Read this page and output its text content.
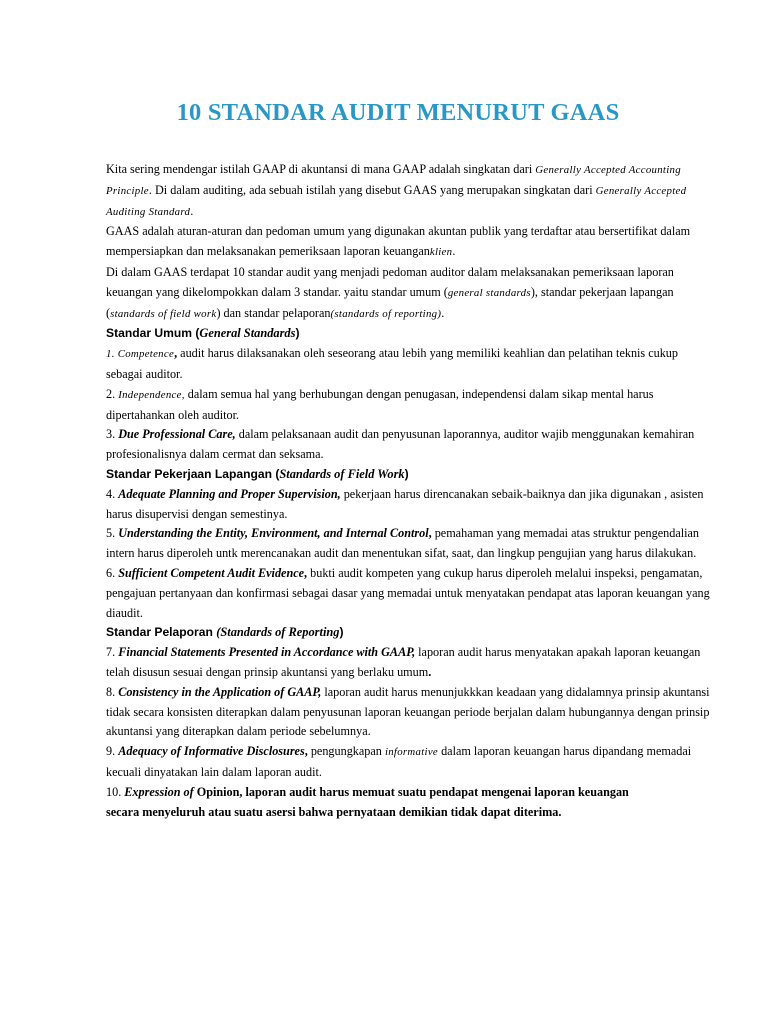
10 STANDAR AUDIT MENURUT GAAS

Kita sering mendengar istilah GAAP di akuntansi di mana GAAP adalah singkatan dari Generally Accepted Accounting Principle. Di dalam auditing, ada sebuah istilah yang disebut GAAS yang merupakan singkatan dari Generally Accepted Auditing Standard.

GAAS adalah aturan-aturan dan pedoman umum yang digunakan akuntan publik yang terdaftar atau bersertifikat dalam mempersiapkan dan melaksanakan pemeriksaan laporan keuanganklien.

Di dalam GAAS terdapat 10 standar audit yang menjadi pedoman auditor dalam melaksanakan pemeriksaan laporan keuangan yang dikelompokkan dalam 3 standar. yaitu standar umum (general standards), standar pekerjaan lapangan (standards of field work) dan standar pelaporan(standards of reporting).

Standar Umum (General Standards)

1. Competence, audit harus dilaksanakan oleh seseorang atau lebih yang memiliki keahlian dan pelatihan teknis cukup sebagai auditor.

2. Independence, dalam semua hal yang berhubungan dengan penugasan, independensi dalam sikap mental harus dipertahankan oleh auditor.

3. Due Professional Care, dalam pelaksanaan audit dan penyusunan laporannya, auditor wajib menggunakan kemahiran profesionalisnya dalam cermat dan seksama.

Standar Pekerjaan Lapangan (Standards of Field Work)

4. Adequate Planning and Proper Supervision, pekerjaan harus direncanakan sebaik-baiknya dan jika digunakan , asisten harus disupervisi dengan semestinya.

5. Understanding the Entity, Environment, and Internal Control, pemahaman yang memadai atas struktur pengendalian intern harus diperoleh untk merencanakan audit dan menentukan sifat, saat, dan lingkup pengujian yang harus dilakukan.

6. Sufficient Competent Audit Evidence, bukti audit kompeten yang cukup harus diperoleh melalui inspeksi, pengamatan, pengajuan pertanyaan dan konfirmasi sebagai dasar yang memadai untuk menyatakan pendapat atas laporan keuangan yang diaudit.

Standar Pelaporan (Standards of Reporting)

7. Financial Statements Presented in Accordance with GAAP, laporan audit harus menyatakan apakah laporan keuangan telah disusun sesuai dengan prinsip akuntansi yang berlaku umum.

8. Consistency in the Application of GAAP, laporan audit harus menunjukkkan keadaan yang didalamnya prinsip akuntansi tidak secara konsisten diterapkan dalam penyusunan laporan keuangan periode berjalan dalam hubungannya dengan prinsip akuntansi yang diterapkan dalam periode sebelumnya.

9. Adequacy of Informative Disclosures, pengungkapan informative dalam laporan keuangan harus dipandang memadai kecuali dinyatakan lain dalam laporan audit.

10. Expression of Opinion, laporan audit harus memuat suatu pendapat mengenai laporan keuangan
secara menyeluruh atau suatu asersi bahwa pernyataan demikian tidak dapat diterima.
